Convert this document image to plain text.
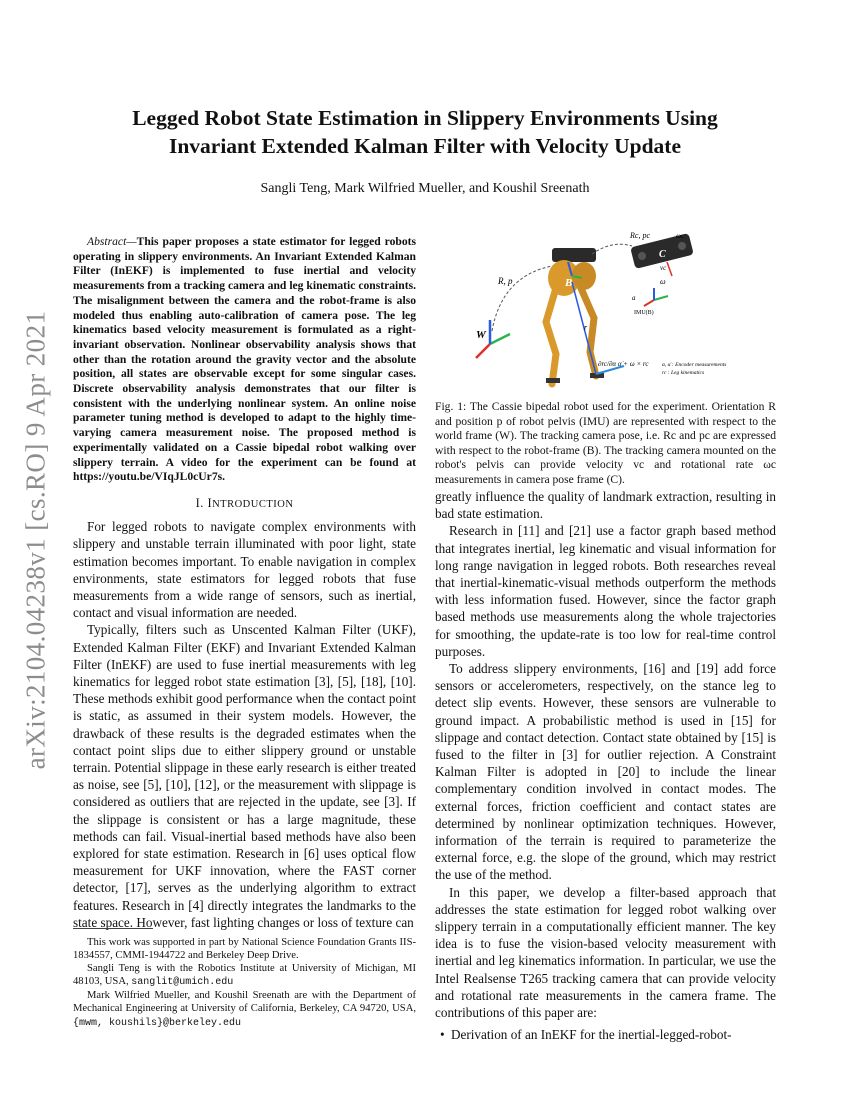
arXiv:2104.04238v1 [cs.RO] 9 Apr 2021
Legged Robot State Estimation in Slippery Environments Using
Invariant Extended Kalman Filter with Velocity Update
Sangli Teng, Mark Wilfried Mueller, and Koushil Sreenath

Abstract—This paper proposes a state estimator for legged robots operating in slippery environments. An Invariant Extended Kalman Filter (InEKF) is implemented to fuse inertial and velocity measurements from a tracking camera and leg kinematic constraints. The misalignment between the camera and the robot-frame is also modeled thus enabling auto-calibration of camera pose. The leg kinematics based velocity measurement is formulated as a right-invariant observation. Nonlinear observability analysis shows that other than the rotation around the gravity vector and the absolute position, all states are observable except for some singular cases. Discrete observability analysis demonstrates that our filter is consistent with the underlying nonlinear system. An online noise parameter tuning method is developed to adapt to the highly time-varying camera measurement noise. The proposed method is experimentally validated on a Cassie bipedal robot walking over slippery terrain. A video for the experiment can be found at https://youtu.be/VIqJL0cUr7s.

I. INTRODUCTION

For legged robots to navigate complex environments with slippery and unstable terrain illuminated with poor light, state estimation becomes important. To enable navigation in complex environments, state estimators for legged robots that fuse measurements from a wide range of sensors, such as inertial, contact and visual information are needed.

Typically, filters such as Unscented Kalman Filter (UKF), Extended Kalman Filter (EKF) and Invariant Extended Kalman Filter (InEKF) are used to fuse inertial measurements with leg kinematics for legged robot state estimation [3], [5], [18], [10]. These methods exhibit good performance when the contact point is static, as assumed in their system models. However, the drawback of these results is the degraded estimates when the contact point slips due to either slippery ground or unstable terrain. Potential slippage in these early research is either treated as noise, see [5], [10], [12], or the measurement with slippage is considered as outliers that are rejected in the update, see [3]. If the slippage is consistent or has a large magnitude, these methods can fail. Visual-inertial based methods have also been explored for state estimation. Research in [6] uses optical flow measurement for UKF innovation, where the FAST corner detector, [17], serves as the underlying algorithm to extract features. Research in [4] directly integrates the landmarks to the state space. However, fast lighting changes or loss of texture can

This work was supported in part by National Science Foundation Grants IIS-1834557, CMMI-1944722 and Berkeley Deep Drive.

Sangli Teng is with the Robotics Institute at University of Michigan, MI 48103, USA, sanglit@umich.edu

Mark Wilfried Mueller, and Koushil Sreenath are with the Department of Mechanical Engineering at University of California, Berkeley, CA 94720, USA, {mwm, koushils}@berkeley.edu

W
R, p	B
r
Rc, pc
C
ωc
vc
ω
a
IMU(B)
∂rc/∂α α̇ + ω × rc α, α̇ : Encoder measurements
rc : Leg kinematics
Fig. 1: The Cassie bipedal robot used for the experiment. Orientation R and position p of robot pelvis (IMU) are represented with respect to the world frame (W). The tracking camera pose, i.e. Rc and pc are expressed with respect to the robot-frame (B). The tracking camera mounted on the robot's pelvis can provide velocity vc and rotational rate ωc measurements in camera pose frame (C).

greatly influence the quality of landmark extraction, resulting in bad state estimation.

Research in [11] and [21] use a factor graph based method that integrates inertial, leg kinematic and visual information for long range navigation in legged robots. Both researches reveal that inertial-kinematic-visual methods outperform the methods with less information fused. However, since the factor graph based methods use measurements along the whole trajectories for smoothing, the update-rate is too low for real-time control purposes.

To address slippery environments, [16] and [19] add force sensors or accelerometers, respectively, on the stance leg to detect slip events. However, these sensors are vulnerable to ground impact. A probabilistic method is used in [15] for slippage and contact detection. Contact state obtained by [15] is fused to the filter in [3] for outlier rejection. A Constraint Kalman Filter is adopted in [20] to include the linear complementary condition involved in contact modes. The external forces, friction coefficient and contact states are determined by nonlinear optimization techniques. However, information of the terrain is required to parameterize the external force, e.g. the slope of the ground, which may restrict the use of the method.

In this paper, we develop a filter-based approach that addresses the state estimation for legged robot walking over slippery terrain in a computationally efficient manner. The key idea is to fuse the vision-based velocity measurement with inertial and leg kinematics information. In particular, we use the Intel Realsense T265 tracking camera that can provide velocity and rotational rate measurements in the camera frame. The contributions of this paper are:

• Derivation of an InEKF for the inertial-legged-robot-
